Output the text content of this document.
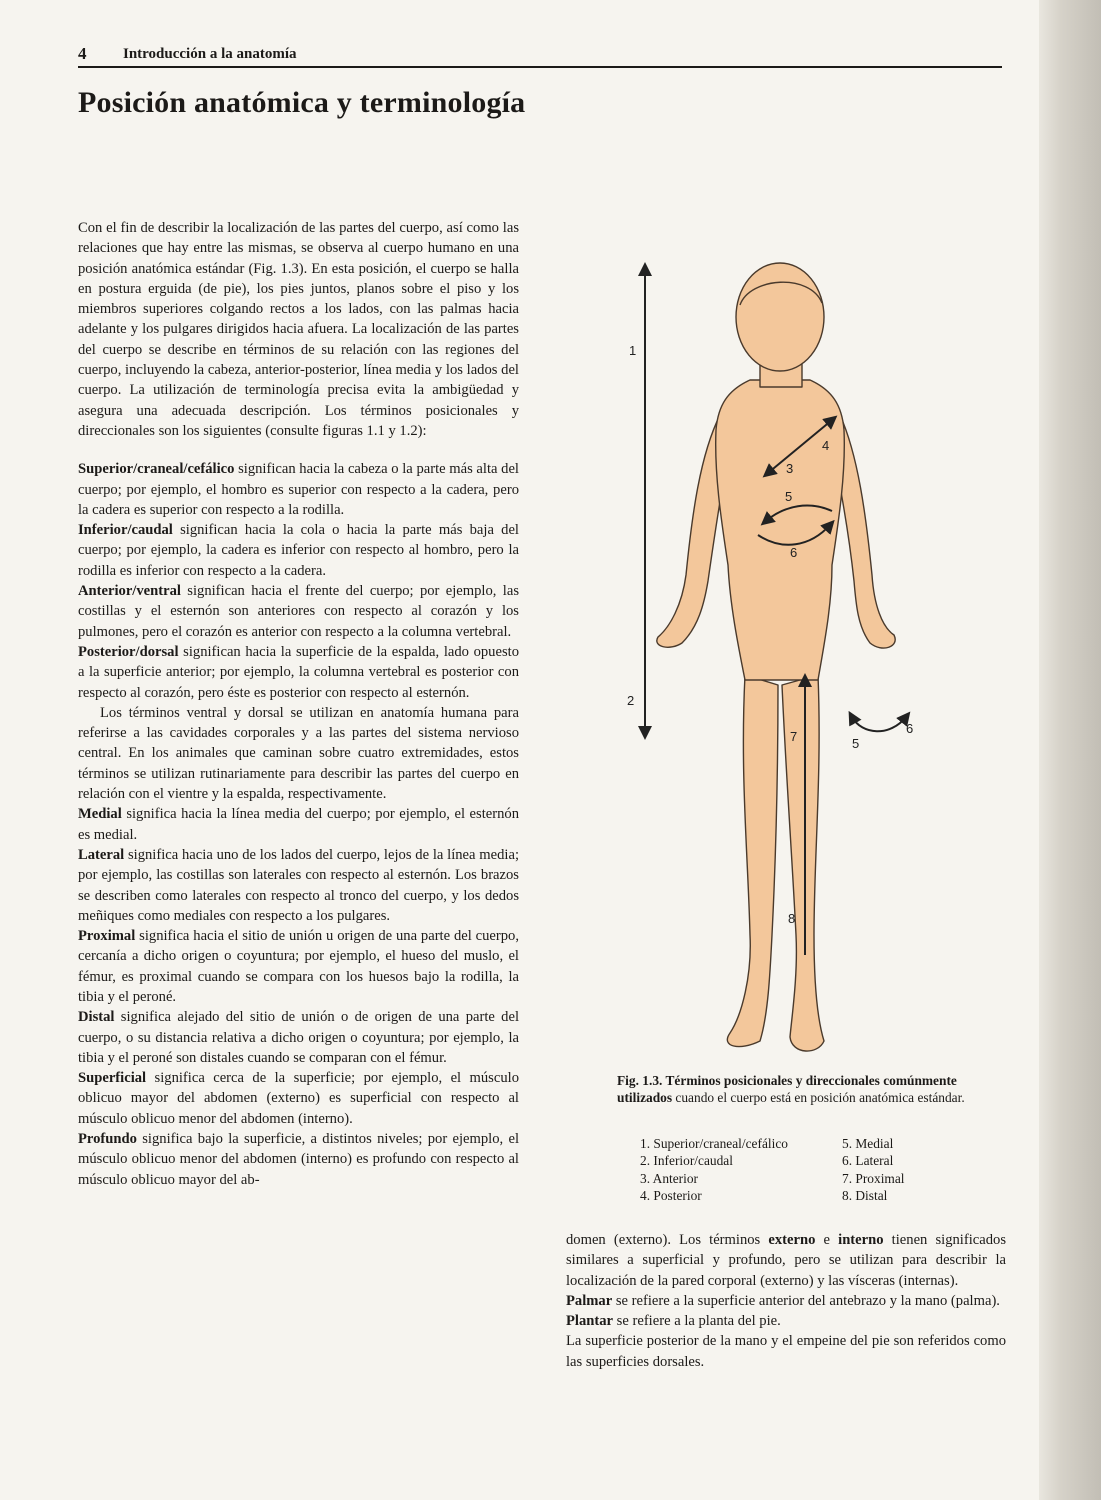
4 Introducción a la anatomía
Posición anatómica y terminología

Con el fin de describir la localización de las partes del cuerpo, así como las relaciones que hay entre las mismas, se observa al cuerpo humano en una posición anatómica estándar (Fig. 1.3). En esta posición, el cuerpo se halla en postura erguida (de pie), los pies juntos, planos sobre el piso y los miembros superiores colgando rectos a los lados, con las palmas hacia adelante y los pulgares dirigidos hacia afuera. La localización de las partes del cuerpo se describe en términos de su relación con las regiones del cuerpo, incluyendo la cabeza, anterior-posterior, línea media y los lados del cuerpo. La utilización de terminología precisa evita la ambigüedad y asegura una adecuada descripción. Los términos posicionales y direccionales son los siguientes (consulte figuras 1.1 y 1.2):

Superior/craneal/cefálico significan hacia la cabeza o la parte más alta del cuerpo; por ejemplo, el hombro es superior con respecto a la cadera, pero la cadera es superior con respecto a la rodilla.

Inferior/caudal significan hacia la cola o hacia la parte más baja del cuerpo; por ejemplo, la cadera es inferior con respecto al hombro, pero la rodilla es inferior con respecto a la cadera.

Anterior/ventral significan hacia el frente del cuerpo; por ejemplo, las costillas y el esternón son anteriores con respecto al corazón y los pulmones, pero el corazón es anterior con respecto a la columna vertebral.

Posterior/dorsal significan hacia la superficie de la espalda, lado opuesto a la superficie anterior; por ejemplo, la columna vertebral es posterior con respecto al corazón, pero éste es posterior con respecto al esternón.

Los términos ventral y dorsal se utilizan en anatomía humana para referirse a las cavidades corporales y a las partes del sistema nervioso central. En los animales que caminan sobre cuatro extremidades, estos términos se utilizan rutinariamente para describir las partes del cuerpo en relación con el vientre y la espalda, respectivamente.

Medial significa hacia la línea media del cuerpo; por ejemplo, el esternón es medial.

Lateral significa hacia uno de los lados del cuerpo, lejos de la línea media; por ejemplo, las costillas son laterales con respecto al esternón. Los brazos se describen como laterales con respecto al tronco del cuerpo, y los dedos meñiques como mediales con respecto a los pulgares.

Proximal significa hacia el sitio de unión u origen de una parte del cuerpo, cercanía a dicho origen o coyuntura; por ejemplo, el hueso del muslo, el fémur, es proximal cuando se compara con los huesos bajo la rodilla, la tibia y el peroné.

Distal significa alejado del sitio de unión o de origen de una parte del cuerpo, o su distancia relativa a dicho origen o coyuntura; por ejemplo, la tibia y el peroné son distales cuando se comparan con el fémur.

Superficial significa cerca de la superficie; por ejemplo, el músculo oblicuo mayor del abdomen (externo) es superficial con respecto al músculo oblicuo menor del abdomen (interno).

Profundo significa bajo la superficie, a distintos niveles; por ejemplo, el músculo oblicuo menor del abdomen (interno) es profundo con respecto al músculo oblicuo mayor del ab-

1
2
3
4
5
6
7
8
5
6
Fig. 1.3. Términos posicionales y direccionales comúnmente utilizados cuando el cuerpo está en posición anatómica estándar.
1. Superior/craneal/cefálico
2. Inferior/caudal
3. Anterior
4. Posterior
5. Medial
6. Lateral
7. Proximal
8. Distal

domen (externo). Los términos externo e interno tienen significados similares a superficial y profundo, pero se utilizan para describir la localización de la pared corporal (externo) y las vísceras (internas).

Palmar se refiere a la superficie anterior del antebrazo y la mano (palma).

Plantar se refiere a la planta del pie.

La superficie posterior de la mano y el empeine del pie son referidos como las superficies dorsales.
